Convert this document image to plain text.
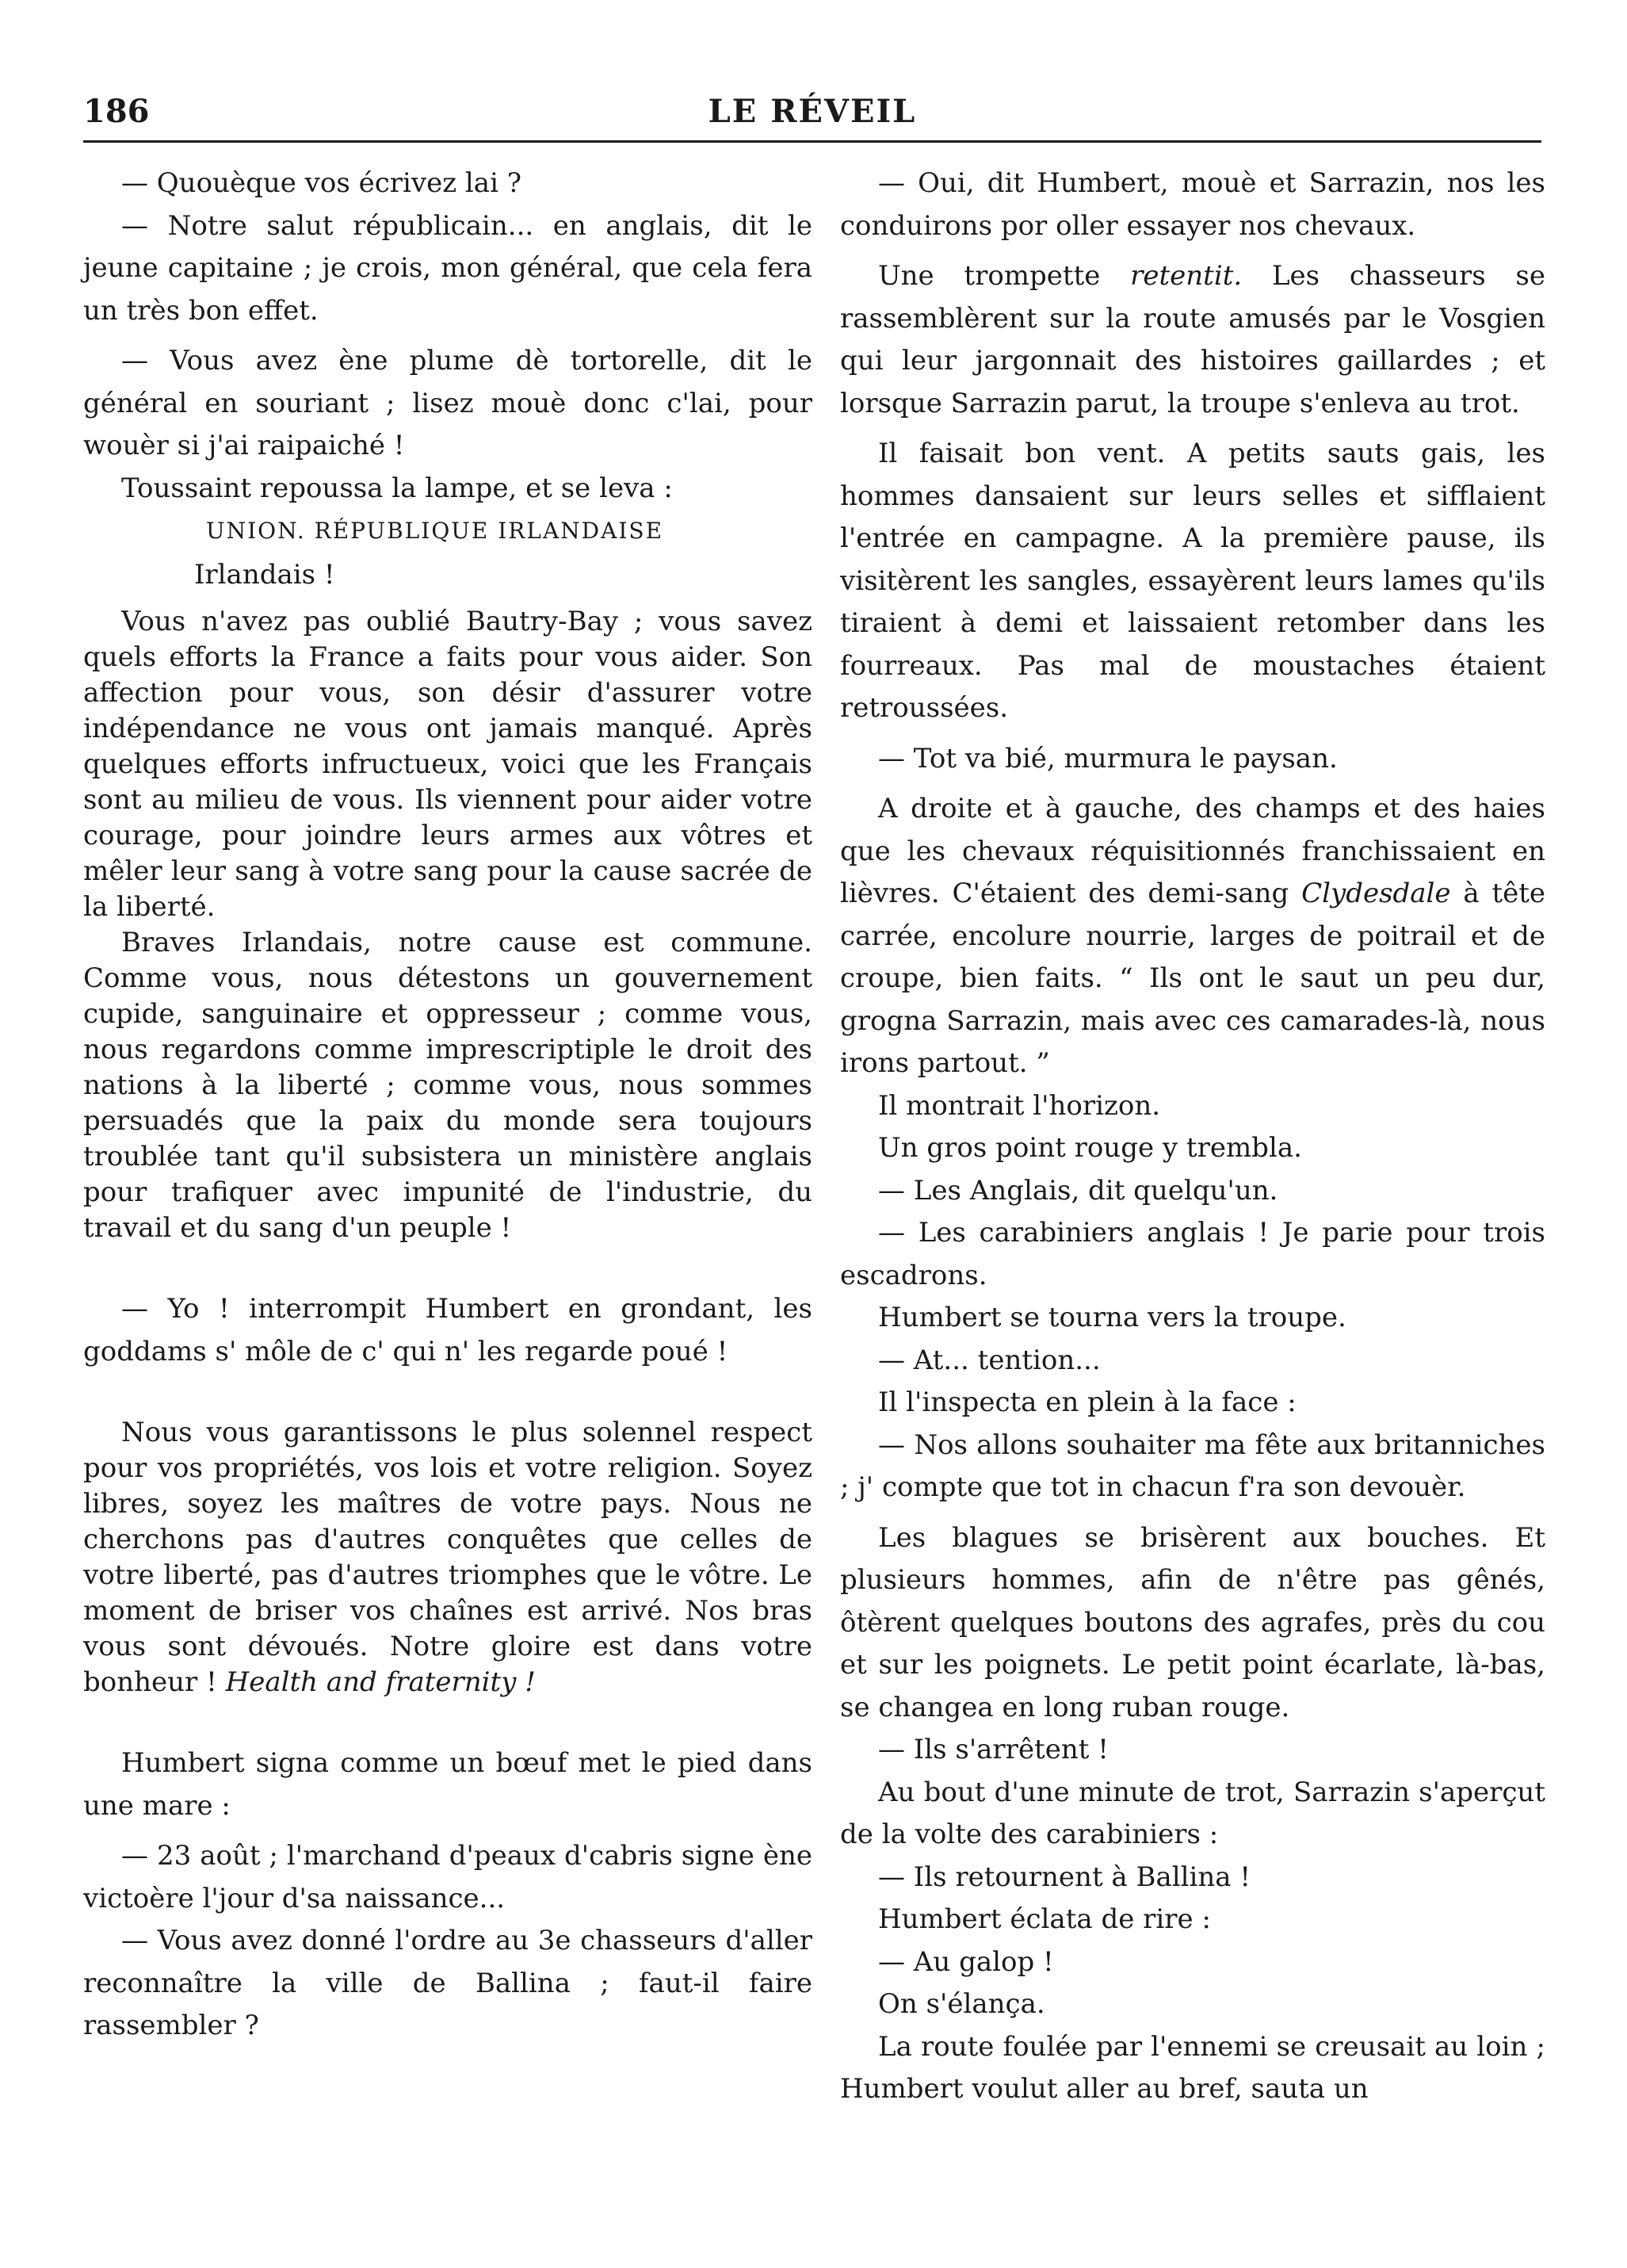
186	LE RÉVEIL

— Quouèque vos écrivez lai ?

— Notre salut républicain... en anglais, dit le jeune capitaine ; je crois, mon général, que cela fera un très bon effet.

— Vous avez ène plume dè tortorelle, dit le général en souriant ; lisez mouè donc c'lai, pour wouèr si j'ai raipaiché !

Toussaint repoussa la lampe, et se leva :

UNION. RÉPUBLIQUE IRLANDAISE

Irlandais !

Vous n'avez pas oublié Bautry-Bay ; vous savez quels efforts la France a faits pour vous aider. Son affection pour vous, son désir d'assurer votre indépendance ne vous ont jamais manqué. Après quelques efforts infructueux, voici que les Français sont au milieu de vous. Ils viennent pour aider votre courage, pour joindre leurs armes aux vôtres et mêler leur sang à votre sang pour la cause sacrée de la liberté.

Braves Irlandais, notre cause est commune. Comme vous, nous détestons un gouvernement cupide, sanguinaire et oppresseur ; comme vous, nous regardons comme imprescriptiple le droit des nations à la liberté ; comme vous, nous sommes persuadés que la paix du monde sera toujours troublée tant qu'il subsistera un ministère anglais pour trafiquer avec impunité de l'industrie, du travail et du sang d'un peuple !

— Yo ! interrompit Humbert en grondant, les goddams s' môle de c' qui n' les regarde poué !

Nous vous garantissons le plus solennel respect pour vos propriétés, vos lois et votre religion. Soyez libres, soyez les maîtres de votre pays. Nous ne cherchons pas d'autres conquêtes que celles de votre liberté, pas d'autres triomphes que le vôtre. Le moment de briser vos chaînes est arrivé. Nos bras vous sont dévoués. Notre gloire est dans votre bonheur ! Health and fraternity !

Humbert signa comme un bœuf met le pied dans une mare :

— 23 août ; l'marchand d'peaux d'cabris signe ène victoère l'jour d'sa naissance...

— Vous avez donné l'ordre au 3e chasseurs d'aller reconnaître la ville de Ballina ; faut-il faire rassembler ?

— Oui, dit Humbert, mouè et Sarrazin, nos les conduirons por oller essayer nos chevaux.

Une trompette retentit. Les chasseurs se rassemblèrent sur la route amusés par le Vosgien qui leur jargonnait des histoires gaillardes ; et lorsque Sarrazin parut, la troupe s'enleva au trot.

Il faisait bon vent. A petits sauts gais, les hommes dansaient sur leurs selles et sifflaient l'entrée en campagne. A la première pause, ils visitèrent les sangles, essayèrent leurs lames qu'ils tiraient à demi et laissaient retomber dans les fourreaux. Pas mal de moustaches étaient retroussées.

— Tot va bié, murmura le paysan.

A droite et à gauche, des champs et des haies que les chevaux réquisitionnés franchissaient en lièvres. C'étaient des demi-sang Clydesdale à tête carrée, encolure nourrie, larges de poitrail et de croupe, bien faits. “ Ils ont le saut un peu dur, grogna Sarrazin, mais avec ces camarades-là, nous irons partout. ”

Il montrait l'horizon.

Un gros point rouge y trembla.

— Les Anglais, dit quelqu'un.

— Les carabiniers anglais ! Je parie pour trois escadrons.

Humbert se tourna vers la troupe.

— At... tention...

Il l'inspecta en plein à la face :

— Nos allons souhaiter ma fête aux britanniches ; j' compte que tot in chacun f'ra son devouèr.

Les blagues se brisèrent aux bouches. Et plusieurs hommes, afin de n'être pas gênés, ôtèrent quelques boutons des agrafes, près du cou et sur les poignets. Le petit point écarlate, là-bas, se changea en long ruban rouge.

— Ils s'arrêtent !

Au bout d'une minute de trot, Sarrazin s'aperçut de la volte des carabiniers :

— Ils retournent à Ballina !

Humbert éclata de rire :

— Au galop !

On s'élança.

La route foulée par l'ennemi se creusait au loin ; Humbert voulut aller au bref, sauta un
